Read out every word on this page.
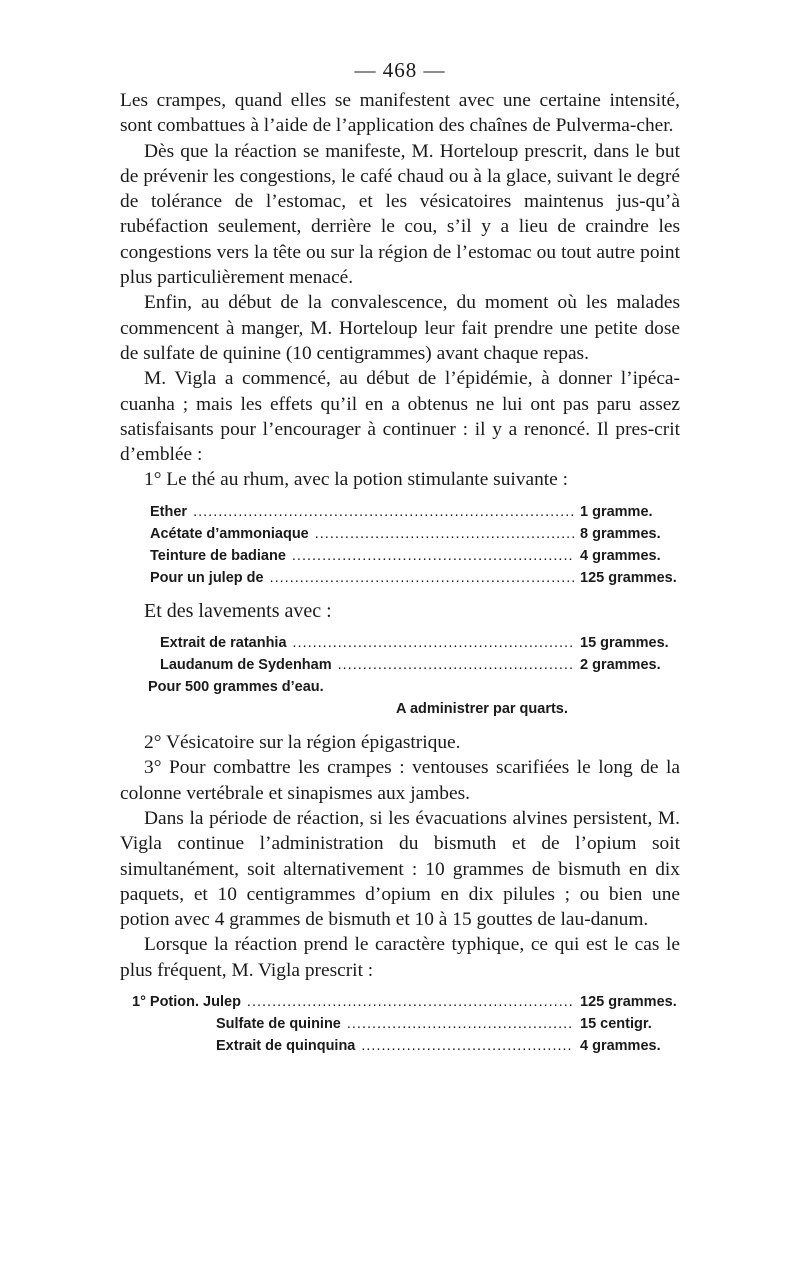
— 468 —

Les crampes, quand elles se manifestent avec une certaine intensité, sont combattues à l’aide de l’application des chaînes de Pulverma-cher.

Dès que la réaction se manifeste, M. Horteloup prescrit, dans le but de prévenir les congestions, le café chaud ou à la glace, suivant le degré de tolérance de l’estomac, et les vésicatoires maintenus jus-qu’à rubéfaction seulement, derrière le cou, s’il y a lieu de craindre les congestions vers la tête ou sur la région de l’estomac ou tout autre point plus particulièrement menacé.

Enfin, au début de la convalescence, du moment où les malades commencent à manger, M. Horteloup leur fait prendre une petite dose de sulfate de quinine (10 centigrammes) avant chaque repas.

M. Vigla a commencé, au début de l’épidémie, à donner l’ipéca-cuanha ; mais les effets qu’il en a obtenus ne lui ont pas paru assez satisfaisants pour l’encourager à continuer : il y a renoncé. Il pres-crit d’emblée :

1° Le thé au rhum, avec la potion stimulante suivante :

Ether .....	1 gramme.
Acétate d’ammoniaque .....	8 grammes.
Teinture de badiane .....	4 grammes.
Pour un julep de .....	125 grammes.

Et des lavements avec :

Extrait de ratanhia .....	15 grammes.
Laudanum de Sydenham .....	2 grammes.
Pour 500 grammes d’eau.
A administrer par quarts.

2° Vésicatoire sur la région épigastrique.

3° Pour combattre les crampes : ventouses scarifiées le long de la colonne vertébrale et sinapismes aux jambes.

Dans la période de réaction, si les évacuations alvines persistent, M. Vigla continue l’administration du bismuth et de l’opium soit simultanément, soit alternativement : 10 grammes de bismuth en dix paquets, et 10 centigrammes d’opium en dix pilules ; ou bien une potion avec 4 grammes de bismuth et 10 à 15 gouttes de lau-danum.

Lorsque la réaction prend le caractère typhique, ce qui est le cas le plus fréquent, M. Vigla prescrit :

1° Potion. Julep .....	125 grammes.
Sulfate de quinine .....	15 centigr.
Extrait de quinquina .....	4 grammes.
